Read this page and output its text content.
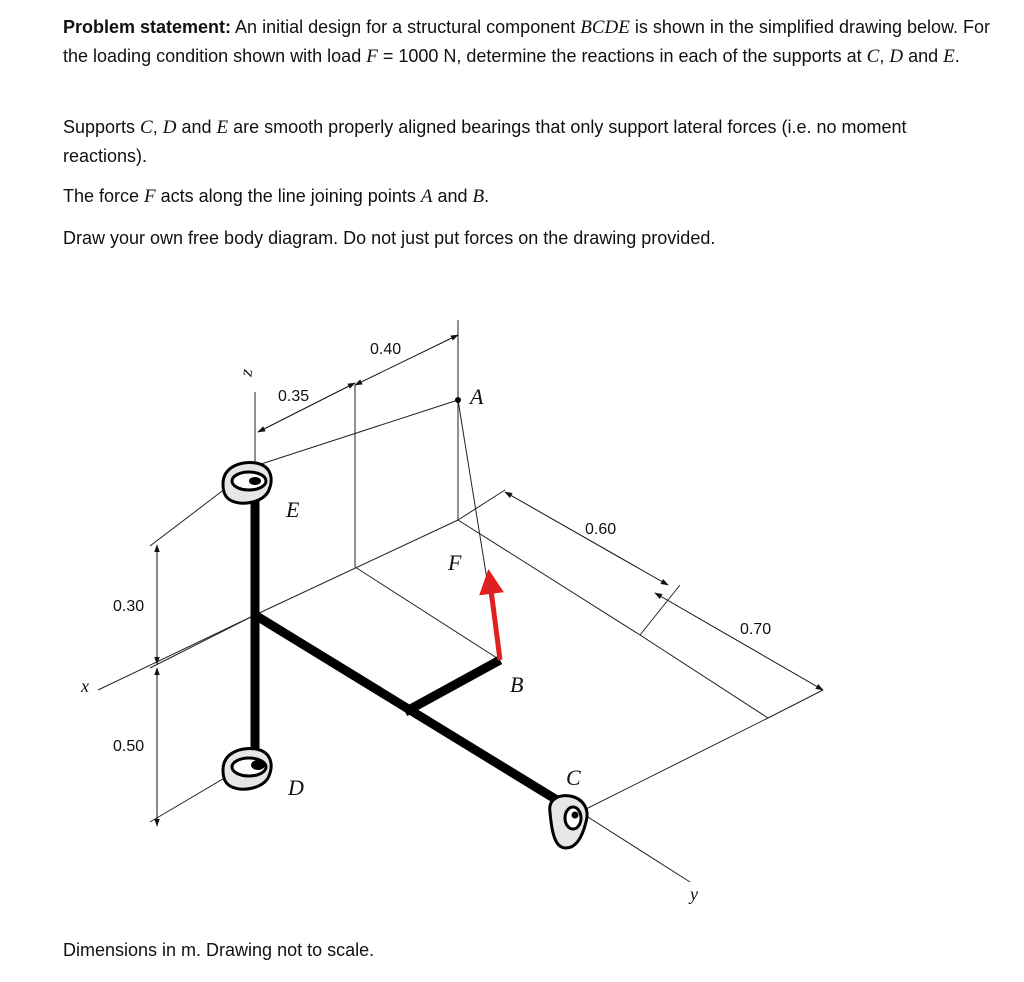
Problem statement: An initial design for a structural component BCDE is shown in the simplified drawing below. For the loading condition shown with load F = 1000 N, determine the reactions in each of the supports at C, D and E.

Supports C, D and E are smooth properly aligned bearings that only support lateral forces (i.e. no moment reactions).

The force F acts along the line joining points A and B.

Draw your own free body diagram. Do not just put forces on the drawing provided.

0.40
0.35
0.60
0.30
0.70
0.50
A
B
C
D
E
F
x
y
z

Dimensions in m. Drawing not to scale.
